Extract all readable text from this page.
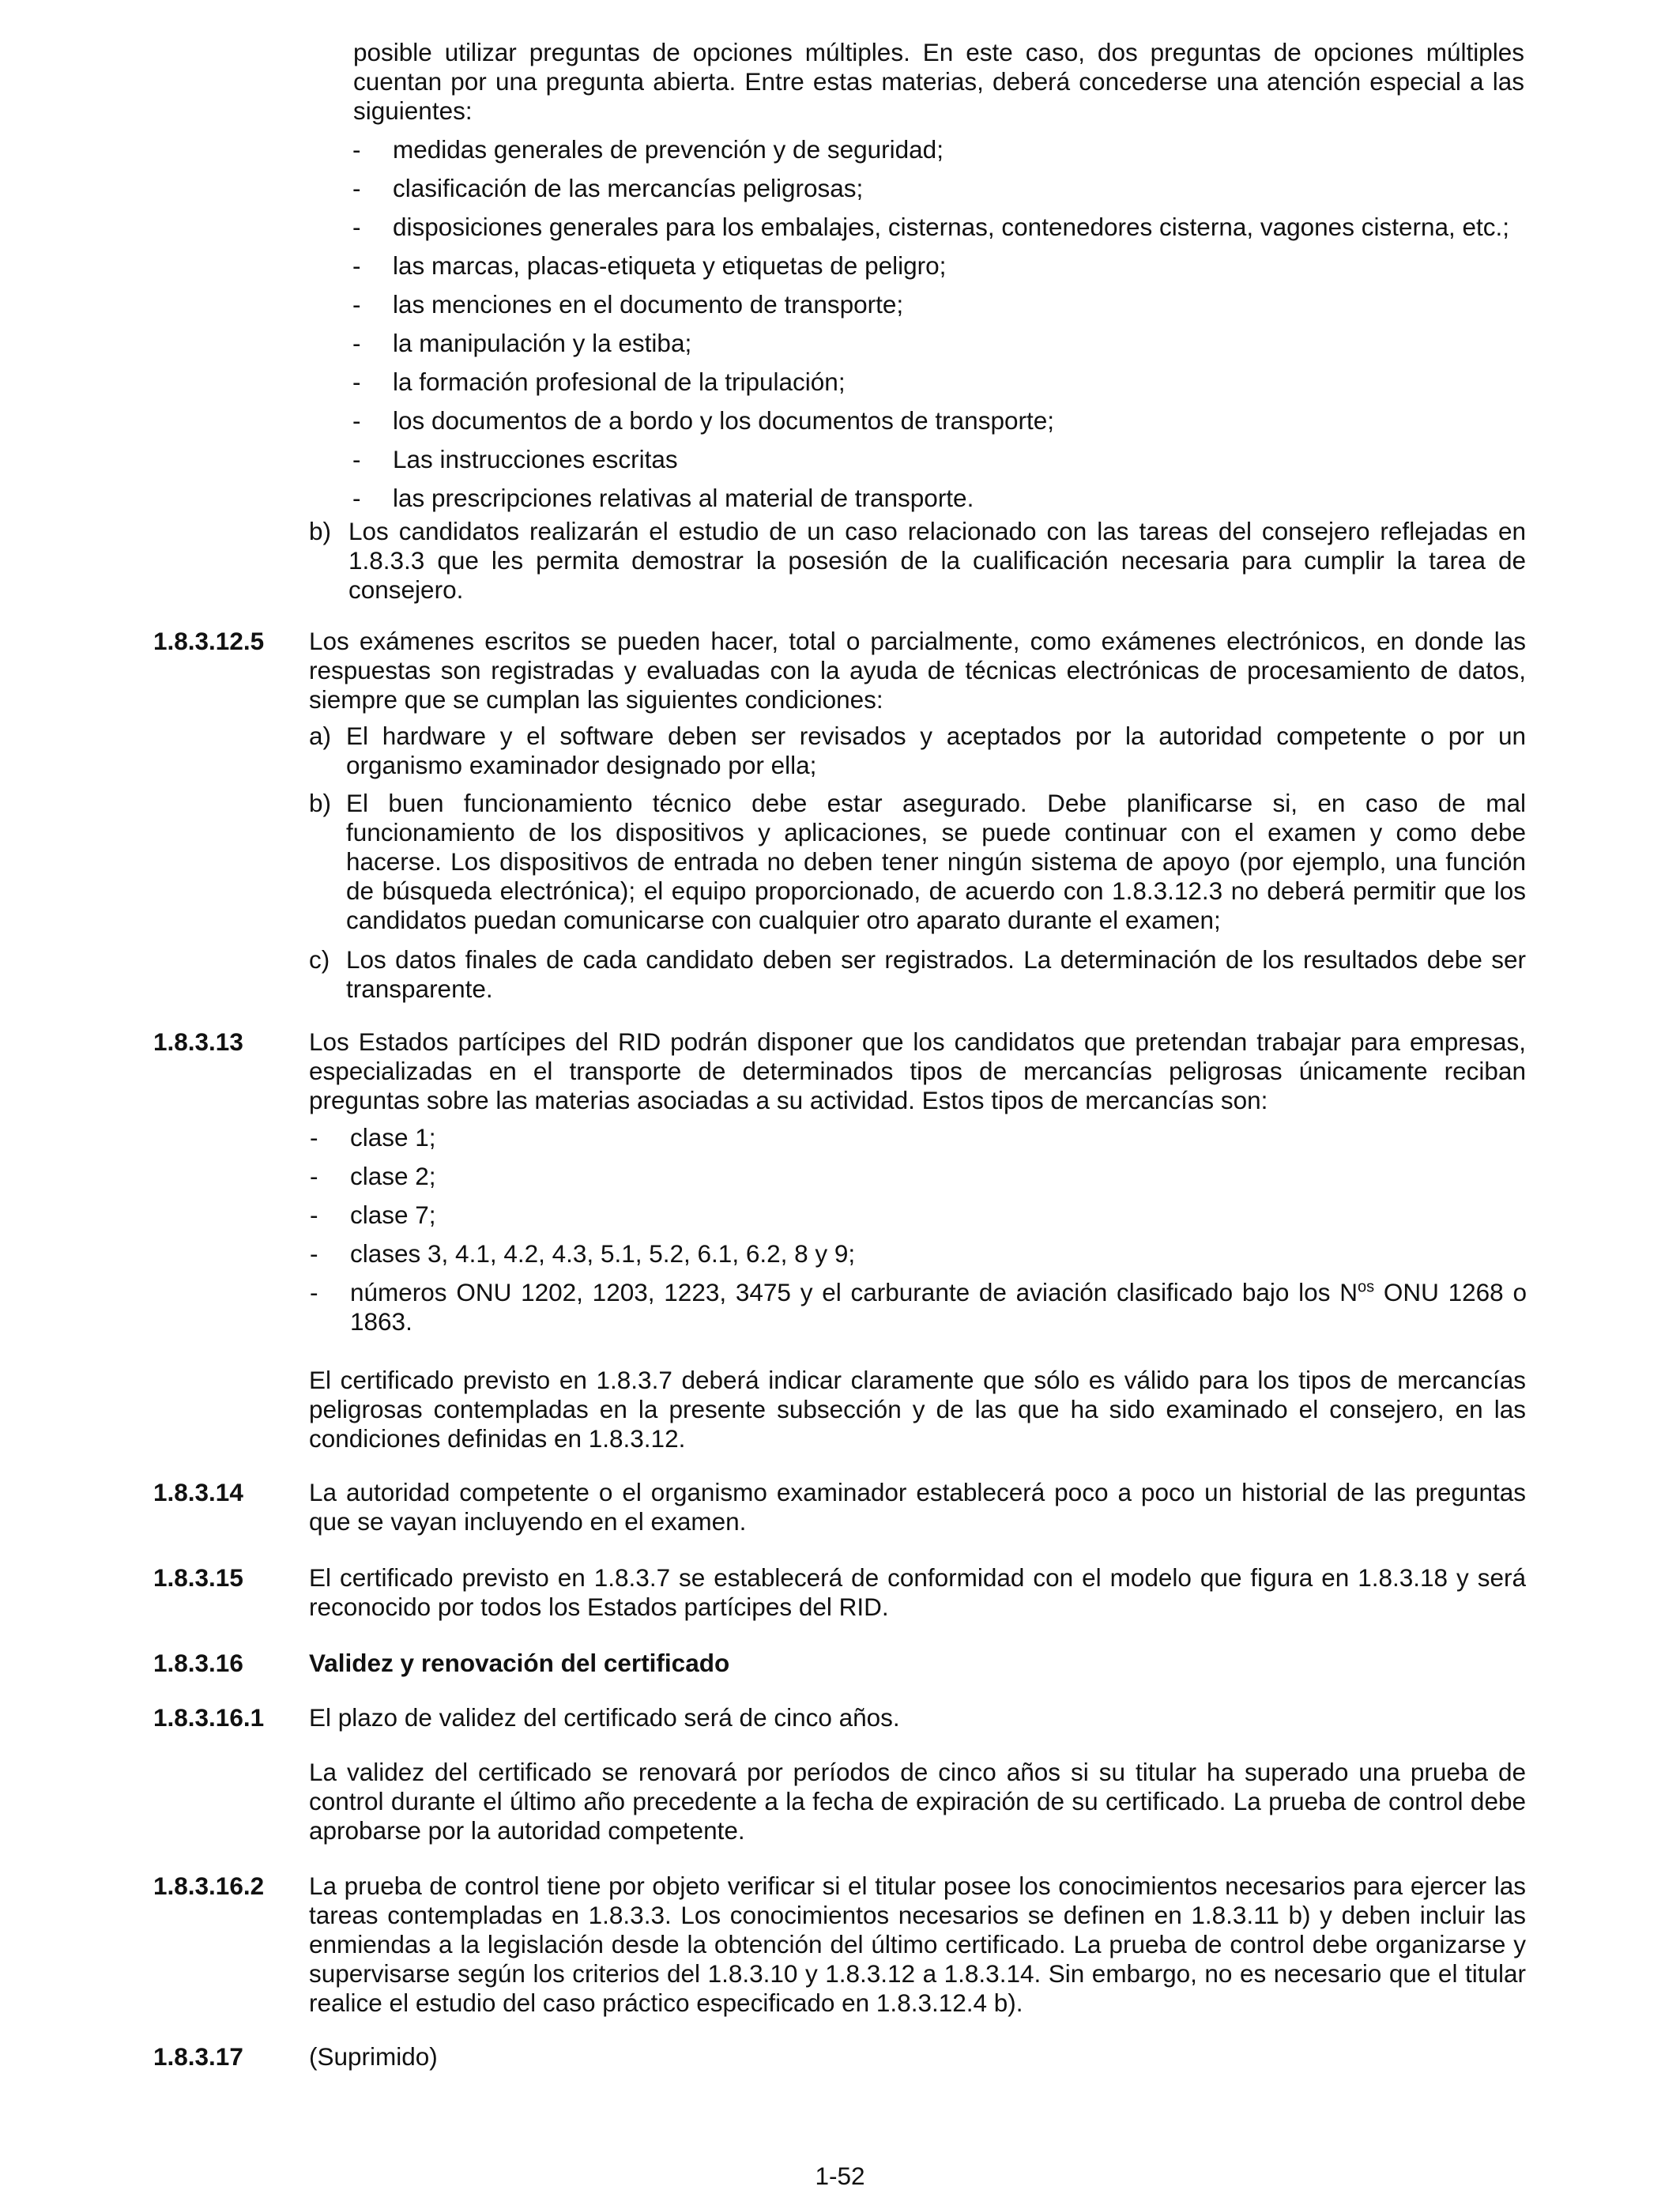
posible utilizar preguntas de opciones múltiples. En este caso, dos preguntas de opciones múltiples cuentan por una pregunta abierta. Entre estas materias, deberá concederse una atención especial a las siguientes:
- medidas generales de prevención y de seguridad;
- clasificación de las mercancías peligrosas;
- disposiciones generales para los embalajes, cisternas, contenedores cisterna, vagones cisterna, etc.;
- las marcas, placas-etiqueta y etiquetas de peligro;
- las menciones en el documento de transporte;
- la manipulación y la estiba;
- la formación profesional de la tripulación;
- los documentos de a bordo y los documentos de transporte;
- Las instrucciones escritas
- las prescripciones relativas al material de transporte.
b) Los candidatos realizarán el estudio de un caso relacionado con las tareas del consejero reflejadas en 1.8.3.3 que les permita demostrar la posesión de la cualificación necesaria para cumplir la tarea de consejero.
1.8.3.12.5 Los exámenes escritos se pueden hacer, total o parcialmente, como exámenes electrónicos, en donde las respuestas son registradas y evaluadas con la ayuda de técnicas electrónicas de procesamiento de datos, siempre que se cumplan las siguientes condiciones:
a) El hardware y el software deben ser revisados y aceptados por la autoridad competente o por un organismo examinador designado por ella;
b) El buen funcionamiento técnico debe estar asegurado. Debe planificarse si, en caso de mal funcionamiento de los dispositivos y aplicaciones, se puede continuar con el examen y como debe hacerse. Los dispositivos de entrada no deben tener ningún sistema de apoyo (por ejemplo, una función de búsqueda electrónica); el equipo proporcionado, de acuerdo con 1.8.3.12.3 no deberá permitir que los candidatos puedan comunicarse con cualquier otro aparato durante el examen;
c) Los datos finales de cada candidato deben ser registrados. La determinación de los resultados debe ser transparente.
1.8.3.13	Los Estados partícipes del RID podrán disponer que los candidatos que pretendan trabajar para empresas, especializadas en el transporte de determinados tipos de mercancías peligrosas únicamente reciban preguntas sobre las materias asociadas a su actividad. Estos tipos de mercancías son:
- clase 1;
- clase 2;
- clase 7;
- clases 3, 4.1, 4.2, 4.3, 5.1, 5.2, 6.1, 6.2, 8 y 9;
- números ONU 1202, 1203, 1223, 3475 y el carburante de aviación clasificado bajo los $N^{os}$ ONU 1268 o 1863.
El certificado previsto en 1.8.3.7 deberá indicar claramente que sólo es válido para los tipos de mercancías peligrosas contempladas en la presente subsección y de las que ha sido examinado el consejero, en las condiciones definidas en 1.8.3.12.
1.8.3.14	La autoridad competente o el organismo examinador establecerá poco a poco un historial de las preguntas que se vayan incluyendo en el examen.
1.8.3.15	El certificado previsto en 1.8.3.7 se establecerá de conformidad con el modelo que figura en 1.8.3.18 y será reconocido por todos los Estados partícipes del RID.
1.8.3.16	Validez y renovación del certificado
1.8.3.16.1 El plazo de validez del certificado será de cinco años.
La validez del certificado se renovará por períodos de cinco años si su titular ha superado una prueba de control durante el último año precedente a la fecha de expiración de su certificado. La prueba de control debe aprobarse por la autoridad competente.
1.8.3.16.2 La prueba de control tiene por objeto verificar si el titular posee los conocimientos necesarios para ejercer las tareas contempladas en 1.8.3.3. Los conocimientos necesarios se definen en 1.8.3.11 b) y deben incluir las enmiendas a la legislación desde la obtención del último certificado. La prueba de control debe organizarse y supervisarse según los criterios del 1.8.3.10 y 1.8.3.12 a 1.8.3.14. Sin embargo, no es necesario que el titular realice el estudio del caso práctico especificado en 1.8.3.12.4 b).
1.8.3.17	(Suprimido)
1-52
